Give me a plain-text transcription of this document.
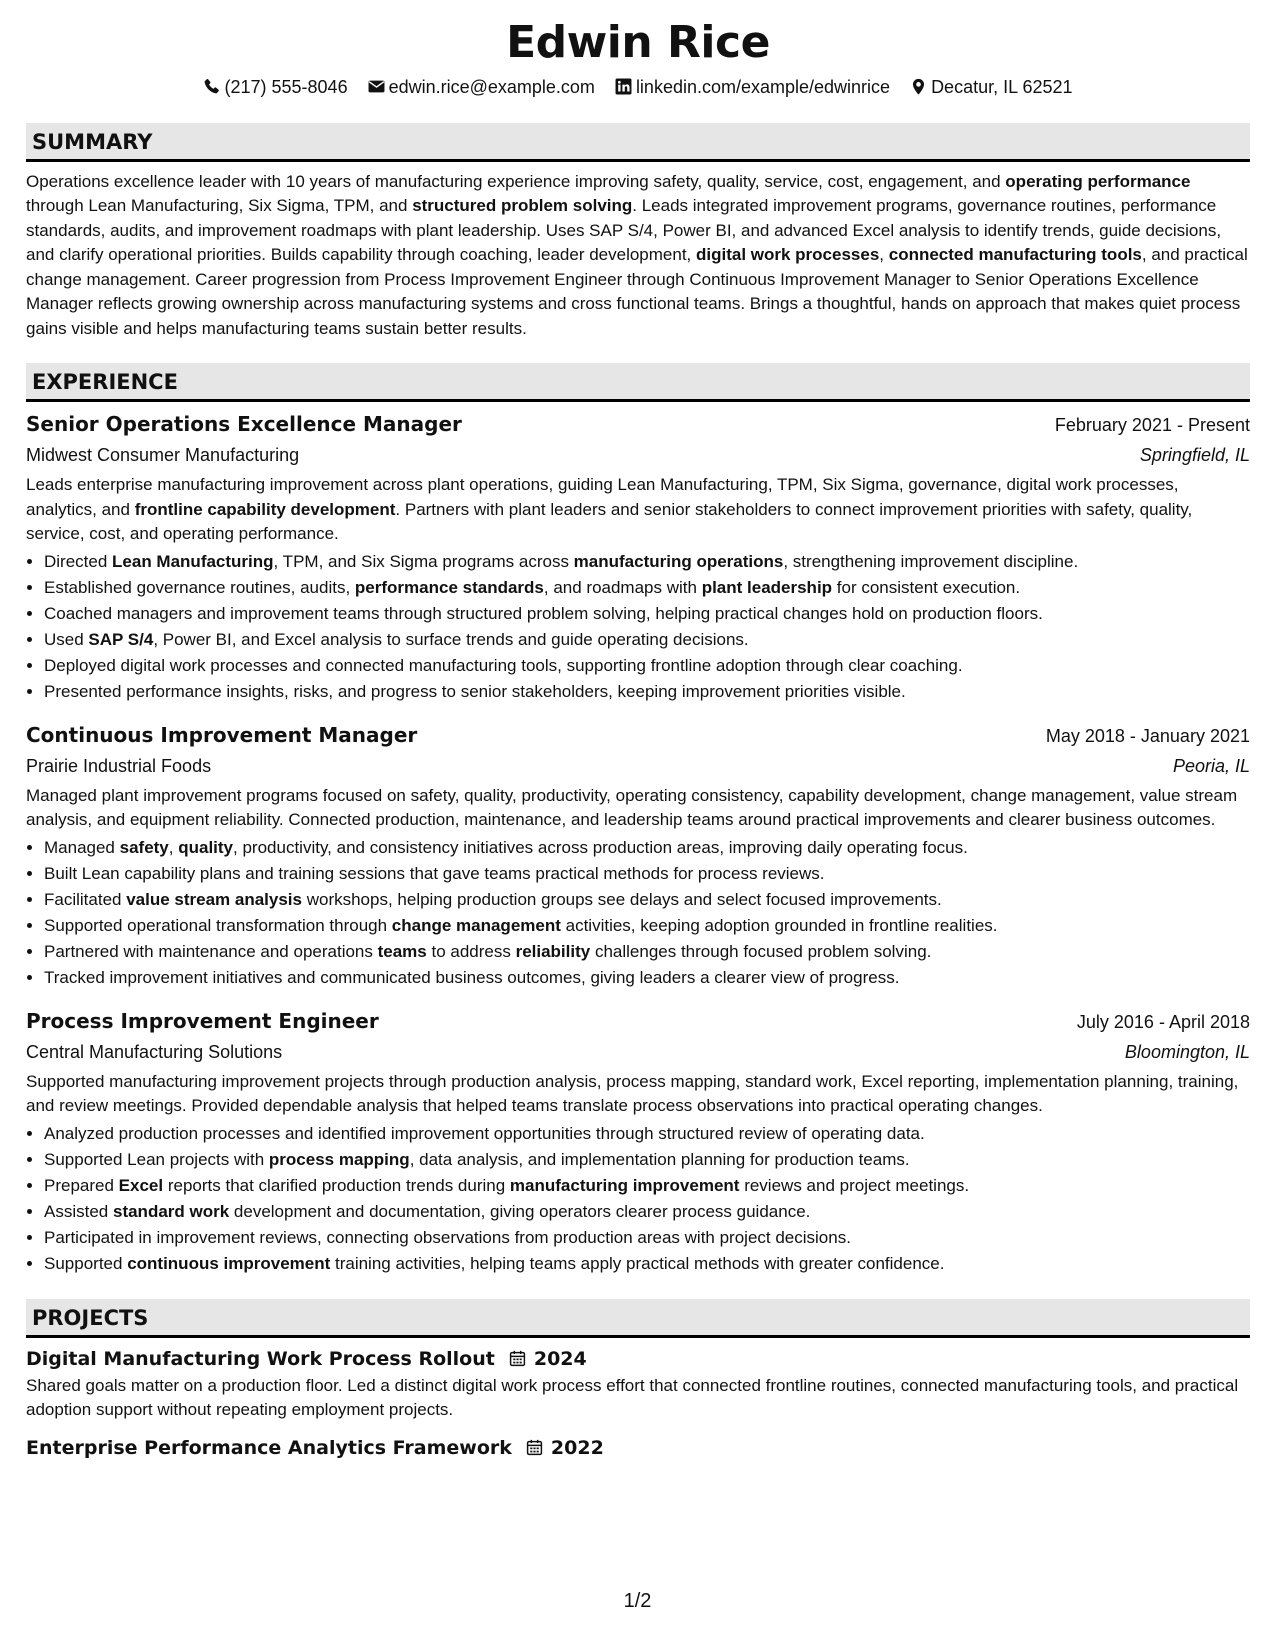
Edwin Rice
(217) 555-8046 edwin.rice@example.com linkedin.com/example/edwinrice Decatur, IL 62521
SUMMARY
Operations excellence leader with 10 years of manufacturing experience improving safety, quality, service, cost, engagement, and operating performance through Lean Manufacturing, Six Sigma, TPM, and structured problem solving. Leads integrated improvement programs, governance routines, performance standards, audits, and improvement roadmaps with plant leadership. Uses SAP S/4, Power BI, and advanced Excel analysis to identify trends, guide decisions, and clarify operational priorities. Builds capability through coaching, leader development, digital work processes, connected manufacturing tools, and practical change management. Career progression from Process Improvement Engineer through Continuous Improvement Manager to Senior Operations Excellence Manager reflects growing ownership across manufacturing systems and cross functional teams. Brings a thoughtful, hands on approach that makes quiet process gains visible and helps manufacturing teams sustain better results.
EXPERIENCE
Senior Operations Excellence Manager	February 2021 - Present
Midwest Consumer Manufacturing	Springfield, IL
Leads enterprise manufacturing improvement across plant operations, guiding Lean Manufacturing, TPM, Six Sigma, governance, digital work processes, analytics, and frontline capability development. Partners with plant leaders and senior stakeholders to connect improvement priorities with safety, quality, service, cost, and operating performance.
• Directed Lean Manufacturing, TPM, and Six Sigma programs across manufacturing operations, strengthening improvement discipline.
• Established governance routines, audits, performance standards, and roadmaps with plant leadership for consistent execution.
• Coached managers and improvement teams through structured problem solving, helping practical changes hold on production floors.
• Used SAP S/4, Power BI, and Excel analysis to surface trends and guide operating decisions.
• Deployed digital work processes and connected manufacturing tools, supporting frontline adoption through clear coaching.
• Presented performance insights, risks, and progress to senior stakeholders, keeping improvement priorities visible.
Continuous Improvement Manager	May 2018 - January 2021
Prairie Industrial Foods	Peoria, IL
Managed plant improvement programs focused on safety, quality, productivity, operating consistency, capability development, change management, value stream analysis, and equipment reliability. Connected production, maintenance, and leadership teams around practical improvements and clearer business outcomes.
• Managed safety, quality, productivity, and consistency initiatives across production areas, improving daily operating focus.
• Built Lean capability plans and training sessions that gave teams practical methods for process reviews.
• Facilitated value stream analysis workshops, helping production groups see delays and select focused improvements.
• Supported operational transformation through change management activities, keeping adoption grounded in frontline realities.
• Partnered with maintenance and operations teams to address reliability challenges through focused problem solving.
• Tracked improvement initiatives and communicated business outcomes, giving leaders a clearer view of progress.
Process Improvement Engineer	July 2016 - April 2018
Central Manufacturing Solutions	Bloomington, IL
Supported manufacturing improvement projects through production analysis, process mapping, standard work, Excel reporting, implementation planning, training, and review meetings. Provided dependable analysis that helped teams translate process observations into practical operating changes.
• Analyzed production processes and identified improvement opportunities through structured review of operating data.
• Supported Lean projects with process mapping, data analysis, and implementation planning for production teams.
• Prepared Excel reports that clarified production trends during manufacturing improvement reviews and project meetings.
• Assisted standard work development and documentation, giving operators clearer process guidance.
• Participated in improvement reviews, connecting observations from production areas with project decisions.
• Supported continuous improvement training activities, helping teams apply practical methods with greater confidence.
PROJECTS
Digital Manufacturing Work Process Rollout 2024
Shared goals matter on a production floor. Led a distinct digital work process effort that connected frontline routines, connected manufacturing tools, and practical adoption support without repeating employment projects.
Enterprise Performance Analytics Framework 2022
1/2
